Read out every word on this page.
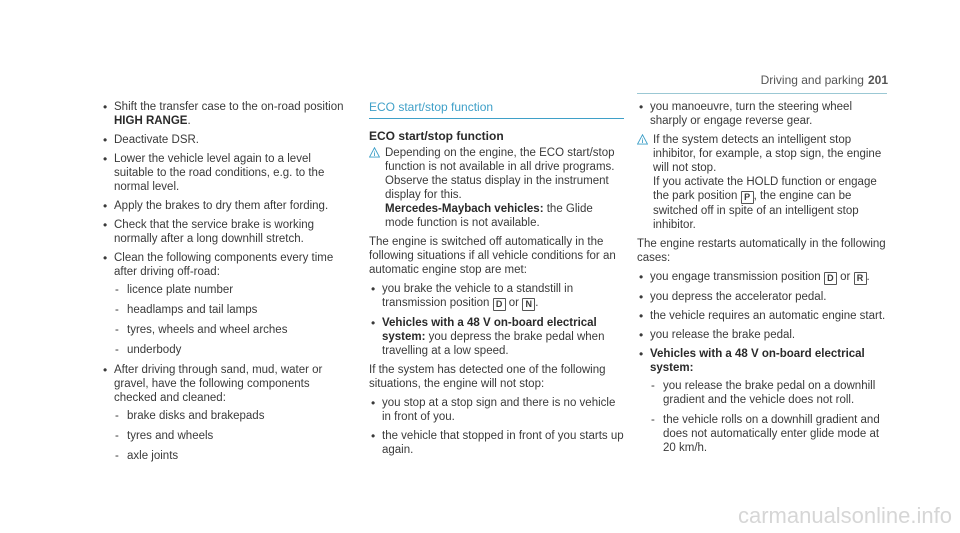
Driving and parking 201
• Shift the transfer case to the on-road position HIGH RANGE.
• Deactivate DSR.
• Lower the vehicle level again to a level suitable to the road conditions, e.g. to the normal level.
• Apply the brakes to dry them after fording.
• Check that the service brake is working normally after a long downhill stretch.
• Clean the following components every time after driving off-road:
- licence plate number
- headlamps and tail lamps
- tyres, wheels and wheel arches
- underbody
• After driving through sand, mud, water or gravel, have the following components checked and cleaned:
- brake disks and brakepads
- tyres and wheels
- axle joints
ECO start/stop function
ECO start/stop function
i Depending on the engine, the ECO start/stop function is not available in all drive programs. Observe the status display in the instrument display for this.
Mercedes-Maybach vehicles: the Glide mode function is not available.

The engine is switched off automatically in the following situations if all vehicle conditions for an automatic engine stop are met:

• you brake the vehicle to a standstill in transmission position D or N .
• Vehicles with a 48 V on-board electrical system: you depress the brake pedal when travelling at a low speed.

If the system has detected one of the following situations, the engine will not stop:

• you stop at a stop sign and there is no vehicle in front of you.
• the vehicle that stopped in front of you starts up again.
• you manoeuvre, turn the steering wheel sharply or engage reverse gear.
i If the system detects an intelligent stop inhibitor, for example, a stop sign, the engine will not stop.
If you activate the HOLD function or engage the park position P , the engine can be switched off in spite of an intelligent stop inhibitor.

The engine restarts automatically in the following cases:

• you engage transmission position D or R .
• you depress the accelerator pedal.
• the vehicle requires an automatic engine start.
• you release the brake pedal.
• Vehicles with a 48 V on-board electrical system:
- you release the brake pedal on a downhill gradient and the vehicle does not roll.
- the vehicle rolls on a downhill gradient and does not automatically enter glide mode at 20 km/h.
carmanualsonline.info
